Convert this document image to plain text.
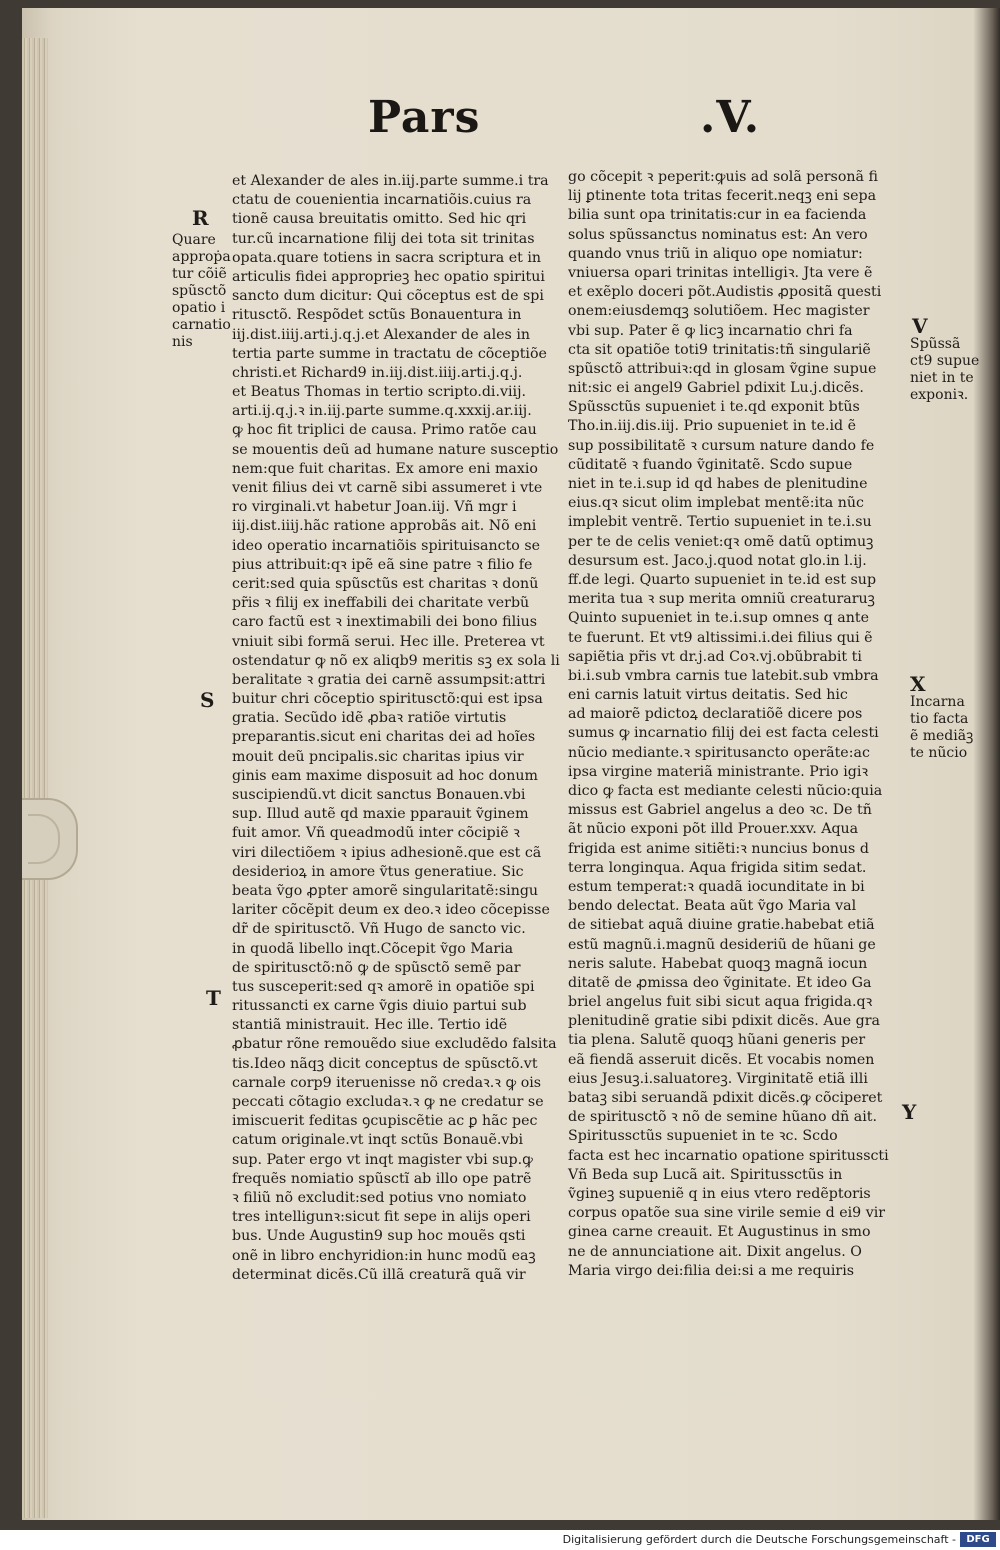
Pars	.V.
et Alexander de ales in.iij.parte summe.i tra
ctatu de couenientia incarnatiõis.cuius ra
tionẽ causa breuitatis omitto. Sed hic qri
tur.cũ incarnatione filij dei tota sit trinitas
opata.quare totiens in sacra scriptura et in
articulis fidei approprieꝫ hec opatio spiritui
sancto dum dicitur: Qui cõceptus est de spi
ritusctõ. Respõdet sctũs Bonauentura in
iij.dist.iiij.arti.j.q.j.et Alexander de ales in
tertia parte summe in tractatu de cõceptiõe
christi.et Richard9 in.iij.dist.iiij.arti.j.q.j.
et Beatus Thomas in tertio scripto.di.viij.
arti.ij.q.j.ꝛ in.iij.parte summe.q.xxxij.ar.iij.
ꝙ hoc fit triplici de causa. Primo ratõe cau
se mouentis deũ ad humane nature susceptio
nem:que fuit charitas. Ex amore eni maxio
venit filius dei vt carnẽ sibi assumeret i vte
ro virginali.vt habetur Joan.iij. Vñ mgr i
iij.dist.iiij.hãc ratione approbãs ait. Nõ eni
ideo operatio incarnatiõis spirituisancto se
pius attribuit:qꝛ ipẽ eã sine patre ꝛ filio fe
cerit:sed quia spũsctũs est charitas ꝛ donũ
pr̃is ꝛ filij ex ineffabili dei charitate verbũ
caro factũ est ꝛ inextimabili dei bono filius
vniuit sibi formã serui. Hec ille. Preterea vt
ostendatur ꝙ nõ ex aliqb9 meritis sꝫ ex sola li
beralitate ꝛ gratia dei carnẽ assumpsit:attri
buitur chri cõceptio spiritusctõ:qui est ipsa
gratia. Secũdo idẽ ꝓbaꝛ ratiõe virtutis
preparantis.sicut eni charitas dei ad hoĩes
mouit deũ pncipalis.sic charitas ipius vir
ginis eam maxime disposuit ad hoc donum
suscipiendũ.vt dicit sanctus Bonauen.vbi
sup. Illud autẽ qd maxie pparauit ṽginem
fuit amor. Vñ queadmodũ inter cõcipiẽ ꝛ
viri dilectiõem ꝛ ipius adhesionẽ.que est cã
desiderioꝝ in amore ṽtus generatiue. Sic
beata ṽgo ꝓpter amorẽ singularitatẽ:singu
lariter cõcẽpit deum ex deo.ꝛ ideo cõcepisse
dr̃ de spiritusctõ. Vñ Hugo de sancto vic.
in quodã libello inqt.Cõcepit ṽgo Maria
de spiritusctõ:nõ ꝙ de spũsctõ semẽ par
tus susceperit:sed qꝛ amorẽ in opatiõe spi
ritussancti ex carne ṽgis diuio partui sub
stantiã ministrauit. Hec ille. Tertio idẽ
ꝓbatur rõne remouẽdo siue excludẽdo falsita
tis.Ideo nãqꝫ dicit conceptus de spũsctõ.vt
carnale corp9 iteruenisse nõ credaꝛ.ꝛ ꝙ ois
peccati cõtagio excludaꝛ.ꝛ ꝙ ne credatur se
imiscuerit feditas ꝯcupiscẽtie ac ꝑ hãc pec
catum originale.vt inqt sctũs Bonauẽ.vbi
sup. Pater ergo vt inqt magister vbi sup.ꝙ
frequẽs nomiatio spũsctĩ ab illo ope patrẽ
ꝛ filiũ nõ excludit:sed potius vno nomiato
tres intelligunꝛ:sicut fit sepe in alijs operi
bus. Unde Augustin9 sup hoc mouẽs qsti
onẽ in libro enchyridion:in hunc modũ eaꝫ
determinat dicẽs.Cũ illã creaturã quã vir
go cõcepit ꝛ peperit:ꝙuis ad solã personã fi
lij ꝑtinente tota tritas fecerit.neqꝫ eni sepa
bilia sunt opa trinitatis:cur in ea facienda
solus spũssanctus nominatus est: An vero
quando vnus triũ in aliquo ope nomiatur:
vniuersa opari trinitas intelligiꝛ. Jta vere ẽ
et exẽplo doceri põt.Audistis ꝓpositã questi
onem:eiusdemqꝫ solutiõem. Hec magister
vbi sup. Pater ẽ ꝙ licꝫ incarnatio chri fa
cta sit opatiõe toti9 trinitatis:tñ singulariẽ
spũsctõ attribuiꝛ:qd in glosam ṽgine supue
nit:sic ei angel9 Gabriel pdixit Lu.j.dicẽs.
Spũssctũs supueniet i te.qd exponit btũs
Tho.in.iij.dis.iij. Prio supueniet in te.id ẽ
sup possibilitatẽ ꝛ cursum nature dando fe
cũditatẽ ꝛ fuando ṽginitatẽ. Scdo supue
niet in te.i.sup id qd habes de plenitudine
eius.qꝛ sicut olim implebat mentẽ:ita nũc
implebit ventrẽ. Tertio supueniet in te.i.su
per te de celis veniet:qꝛ omẽ datũ optimuꝫ
desursum est. Jaco.j.quod notat glo.in l.ij.
ff.de legi. Quarto supueniet in te.id est sup
merita tua ꝛ sup merita omniũ creaturaruꝫ
Quinto supueniet in te.i.sup omnes q ante
te fuerunt. Et vt9 altissimi.i.dei filius qui ẽ
sapiẽtia pr̃is vt dr.j.ad Coꝛ.vj.obũbrabit ti
bi.i.sub vmbra carnis tue latebit.sub vmbra
eni carnis latuit virtus deitatis. Sed hic
ad maiorẽ pdictoꝝ declaratiõẽ dicere pos
sumus ꝙ incarnatio filij dei est facta celesti
nũcio mediante.ꝛ spiritusancto operãte:ac
ipsa virgine materiã ministrante. Prio igiꝛ
dico ꝙ facta est mediante celesti nũcio:quia
missus est Gabriel angelus a deo ꝛc. De tñ
ãt nũcio exponi põt illd Prouer.xxv. Aqua
frigida est anime sitiẽti:ꝛ nuncius bonus d
terra longinqua. Aqua frigida sitim sedat.
estum temperat:ꝛ quadã iocunditate in bi
bendo delectat. Beata aũt ṽgo Maria val
de sitiebat aquã diuine gratie.habebat etiã
estũ magnũ.i.magnũ desideriũ de hũani ge
neris salute. Habebat quoqꝫ magnã iocun
ditatẽ de ꝓmissa deo ṽginitate. Et ideo Ga
briel angelus fuit sibi sicut aqua frigida.qꝛ
plenitudinẽ gratie sibi pdixit dicẽs. Aue gra
tia plena. Salutẽ quoqꝫ hũani generis per
eã fiendã asseruit dicẽs. Et vocabis nomen
eius Jesuꝫ.i.saluatoreꝫ. Virginitatẽ etiã illi
bataꝫ sibi seruandã pdixit dicẽs.ꝙ cõciperet
de spiritusctõ ꝛ nõ de semine hũano dñ ait.
Spiritussctũs supueniet in te ꝛc. Scdo
facta est hec incarnatio opatione spiritusscti
Vñ Beda sup Lucã ait. Spiritussctũs in
ṽgineꝫ supueniẽ q in eius vtero redẽptoris
corpus opatõe sua sine virile semie d ei9 vir
ginea carne creauit. Et Augustinus in smo
ne de annunciatione ait. Dixit angelus. O
Maria virgo dei:filia dei:si a me requiris
R
Quare
approṗa
tur cõiẽ
spũsctõ
opatio i
carnatio
nis
S
T
V
Spũssã
ct9 supue
niet in te
exponiꝛ.
X
Incarna
tio facta
ẽ mediãꝫ
te nũcio
Y
Digitalisierung gefördert durch die Deutsche Forschungsgemeinschaft -	DFG
